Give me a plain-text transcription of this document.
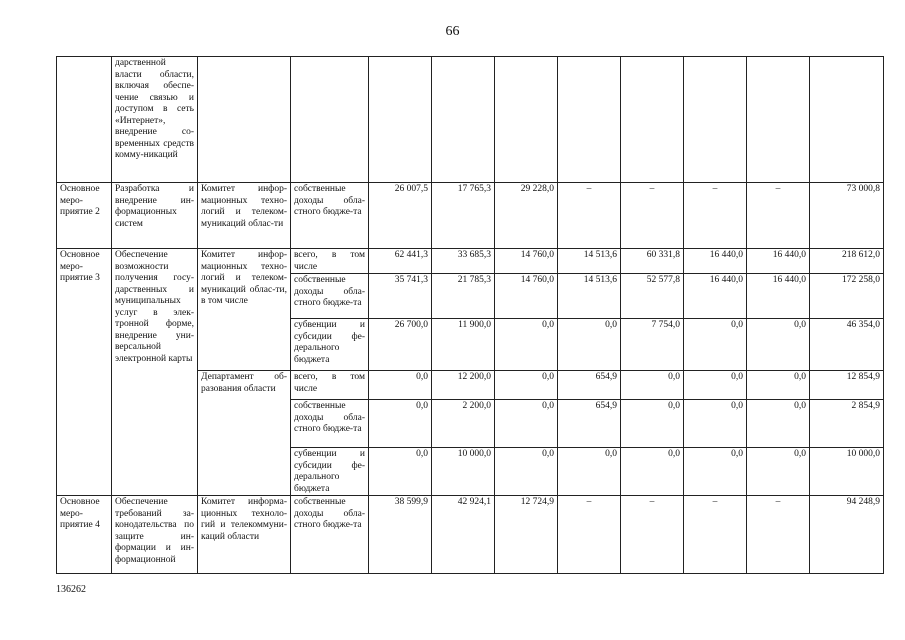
66
	дарственной власти области, включая обеспе-чение связью и доступом в сеть «Интернет», внедрение со-временных средств комму-никаций										
Основное меро-приятие 2	Разработка и внедрение ин-формационных систем	Комитет инфор-мационных техно-логий и телеком-муникаций облас-ти	собственные доходы обла-стного бюдже-та	26 007,5	17 765,3	29 228,0	–	–	–	–	73 000,8
Основное меро-приятие 3	Обеспечение возможности получения госу-дарственных и муниципальных услуг в элек-тронной форме, внедрение уни-версальной электронной карты	Комитет инфор-мационных техно-логий и телеком-муникаций облас-ти, в том числе	всего, в том числе	62 441,3	33 685,3	14 760,0	14 513,6	60 331,8	16 440,0	16 440,0	218 612,0
			собственные доходы обла-стного бюдже-та	35 741,3	21 785,3	14 760,0	14 513,6	52 577,8	16 440,0	16 440,0	172 258,0
			субвенции и субсидии фе-дерального бюджета	26 700,0	11 900,0	0,0	0,0	7 754,0	0,0	0,0	46 354,0
		Департамент об-разования области	всего, в том числе	0,0	12 200,0	0,0	654,9	0,0	0,0	0,0	12 854,9
			собственные доходы обла-стного бюдже-та	0,0	2 200,0	0,0	654,9	0,0	0,0	0,0	2 854,9
			субвенции и субсидии фе-дерального бюджета	0,0	10 000,0	0,0	0,0	0,0	0,0	0,0	10 000,0
Основное меро-приятие 4	Обеспечение требований за-конодательства по защите ин-формации и ин-формационной	Комитет информа-ционных техноло-гий и телекоммуни-каций области	собственные доходы обла-стного бюдже-та	38 599,9	42 924,1	12 724,9	–	–	–	–	94 248,9
136262
